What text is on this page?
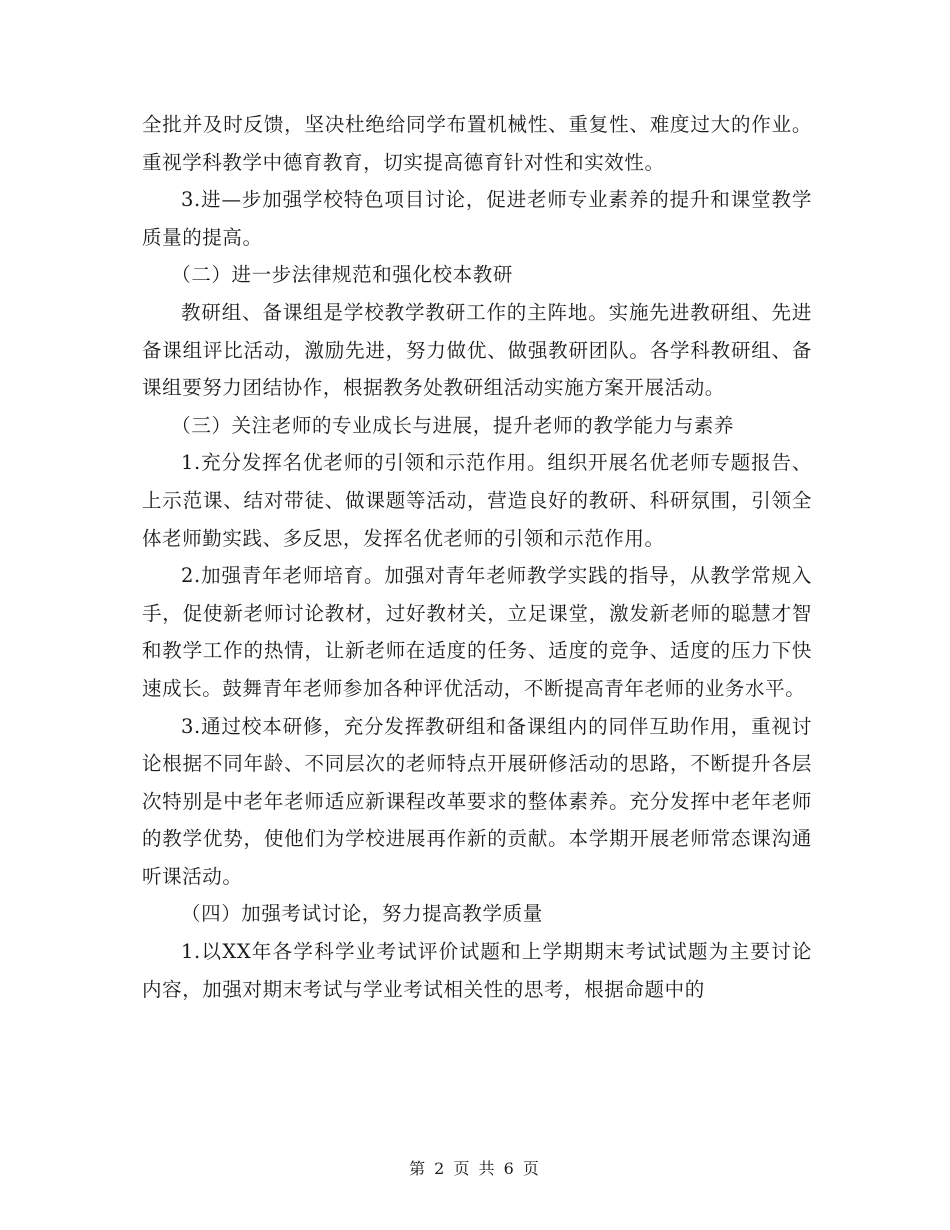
全批并及时反馈，坚决杜绝给同学布置机械性、重复性、难度过大的作业。重视学科教学中德育教育，切实提高德育针对性和实效性。

3.进—步加强学校特色项目讨论，促进老师专业素养的提升和课堂教学质量的提高。

（二）进一步法律规范和强化校本教研

教研组、备课组是学校教学教研工作的主阵地。实施先进教研组、先进备课组评比活动，激励先进，努力做优、做强教研团队。各学科教研组、备课组要努力团结协作，根据教务处教研组活动实施方案开展活动。

（三）关注老师的专业成长与进展，提升老师的教学能力与素养

1.充分发挥名优老师的引领和示范作用。组织开展名优老师专题报告、上示范课、结对带徒、做课题等活动，营造良好的教研、科研氛围，引领全体老师勤实践、多反思，发挥名优老师的引领和示范作用。

2.加强青年老师培育。加强对青年老师教学实践的指导，从教学常规入手，促使新老师讨论教材，过好教材关，立足课堂，激发新老师的聪慧才智和教学工作的热情，让新老师在适度的任务、适度的竞争、适度的压力下快速成长。鼓舞青年老师参加各种评优活动，不断提高青年老师的业务水平。

3.通过校本研修，充分发挥教研组和备课组内的同伴互助作用，重视讨论根据不同年龄、不同层次的老师特点开展研修活动的思路，不断提升各层次特别是中老年老师适应新课程改革要求的整体素养。充分发挥中老年老师的教学优势，使他们为学校进展再作新的贡献。本学期开展老师常态课沟通听课活动。

（四）加强考试讨论，努力提高教学质量

1.以XX年各学科学业考试评价试题和上学期期末考试试题为主要讨论内容，加强对期末考试与学业考试相关性的思考，根据命题中的

第 2 页 共 6 页
